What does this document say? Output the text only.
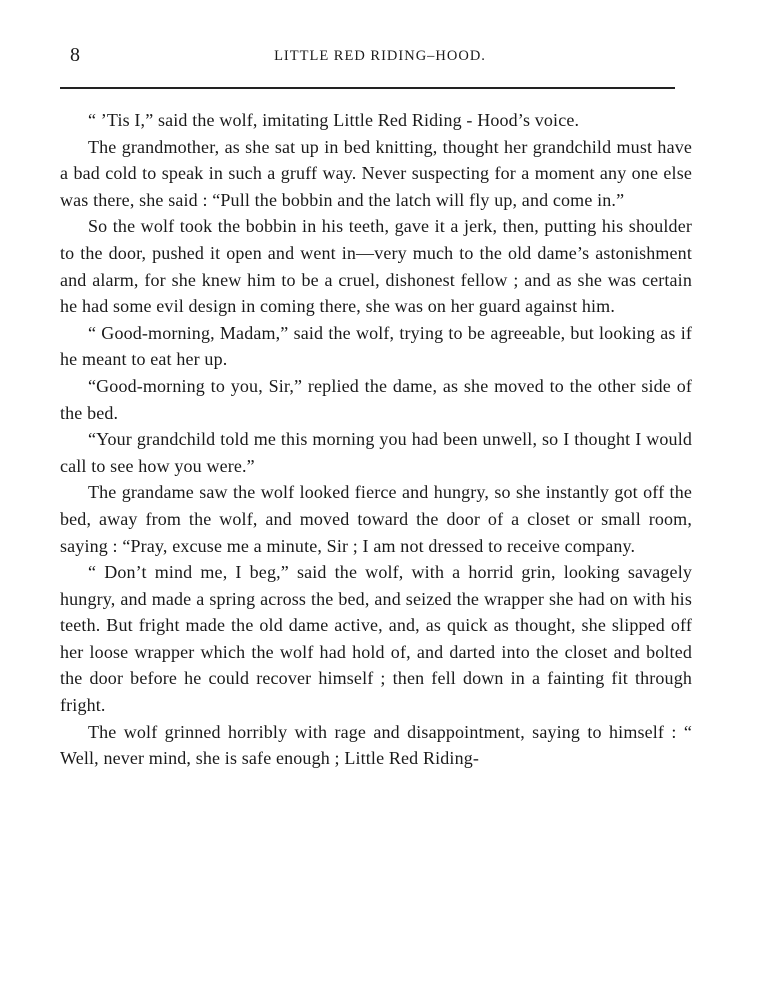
8	LITTLE RED RIDING–HOOD.

“ ’Tis I,” said the wolf, imitating Little Red Riding - Hood’s voice.

The grandmother, as she sat up in bed knitting, thought her grandchild must have a bad cold to speak in such a gruff way. Never suspecting for a moment any one else was there, she said : “Pull the bobbin and the latch will fly up, and come in.”

So the wolf took the bobbin in his teeth, gave it a jerk, then, putting his shoulder to the door, pushed it open and went in—very much to the old dame’s astonishment and alarm, for she knew him to be a cruel, dishonest fellow ; and as she was certain he had some evil design in coming there, she was on her guard against him.

“ Good-morning, Madam,” said the wolf, trying to be agreeable, but looking as if he meant to eat her up.

“Good-morning to you, Sir,” replied the dame, as she moved to the other side of the bed.

“Your grandchild told me this morning you had been unwell, so I thought I would call to see how you were.”

The grandame saw the wolf looked fierce and hungry, so she instantly got off the bed, away from the wolf, and moved toward the door of a closet or small room, saying : “Pray, excuse me a minute, Sir ; I am not dressed to receive company.

“ Don’t mind me, I beg,” said the wolf, with a horrid grin, looking savagely hungry, and made a spring across the bed, and seized the wrapper she had on with his teeth. But fright made the old dame active, and, as quick as thought, she slipped off her loose wrapper which the wolf had hold of, and darted into the closet and bolted the door before he could recover himself ; then fell down in a fainting fit through fright.

The wolf grinned horribly with rage and disappointment, saying to himself : “ Well, never mind, she is safe enough ; Little Red Riding-
